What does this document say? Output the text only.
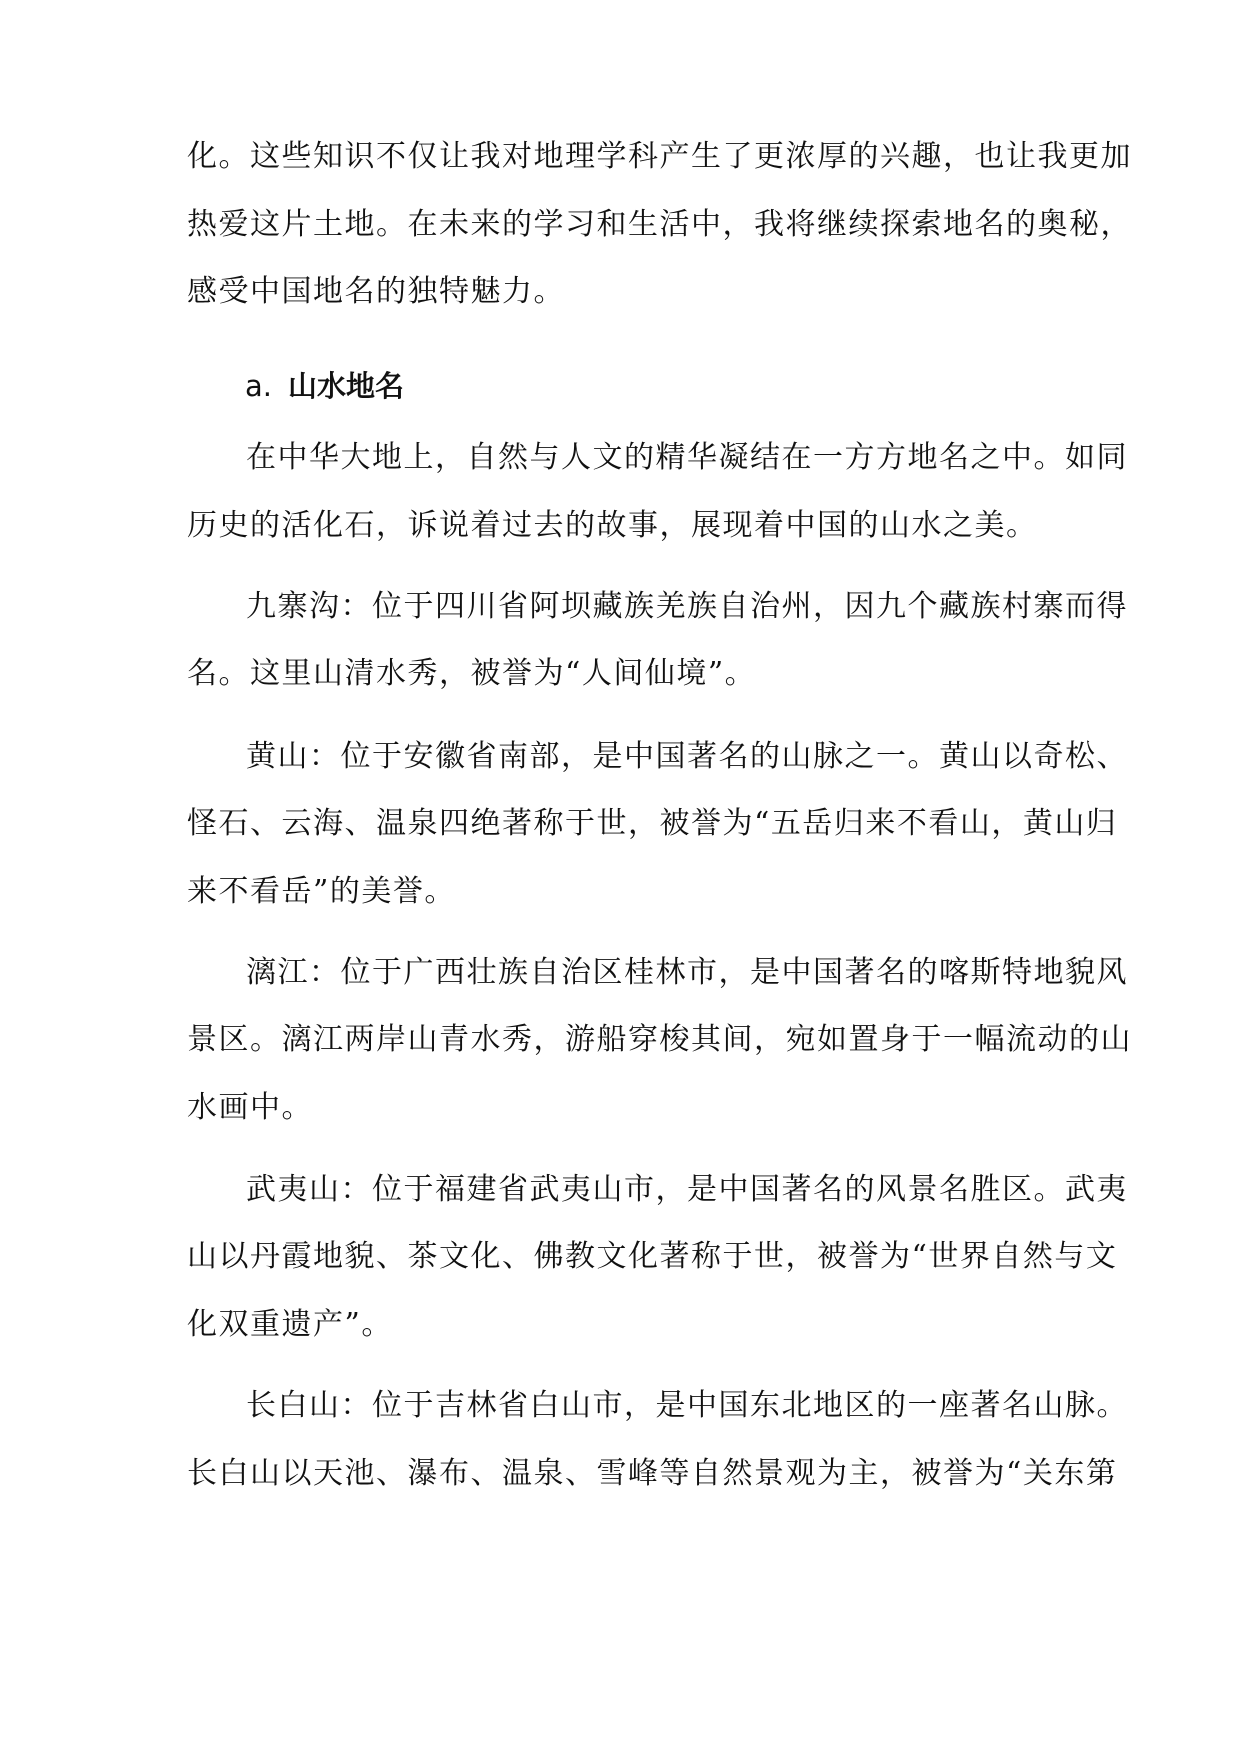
化。这些知识不仅让我对地理学科产生了更浓厚的兴趣，也让我更加
热爱这片土地。在未来的学习和生活中，我将继续探索地名的奥秘，
感受中国地名的独特魅力。
a. 山水地名
在中华大地上，自然与人文的精华凝结在一方方地名之中。如同
历史的活化石，诉说着过去的故事，展现着中国的山水之美。
九寨沟：位于四川省阿坝藏族羌族自治州，因九个藏族村寨而得
名。这里山清水秀，被誉为“人间仙境”。
黄山：位于安徽省南部，是中国著名的山脉之一。黄山以奇松、
怪石、云海、温泉四绝著称于世，被誉为“五岳归来不看山，黄山归
来不看岳”的美誉。
漓江：位于广西壮族自治区桂林市，是中国著名的喀斯特地貌风
景区。漓江两岸山青水秀，游船穿梭其间，宛如置身于一幅流动的山
水画中。
武夷山：位于福建省武夷山市，是中国著名的风景名胜区。武夷
山以丹霞地貌、茶文化、佛教文化著称于世，被誉为“世界自然与文
化双重遗产”。
长白山：位于吉林省白山市，是中国东北地区的一座著名山脉。
长白山以天池、瀑布、温泉、雪峰等自然景观为主，被誉为“关东第
